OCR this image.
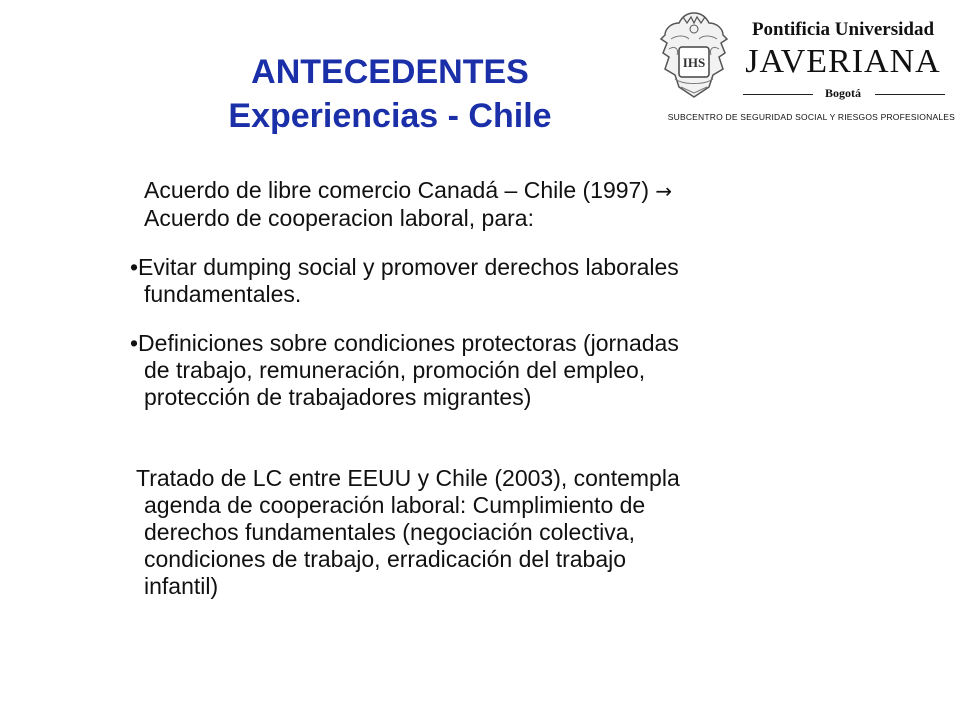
ANTECEDENTES
Experiencias - Chile
IHS
Pontificia Universidad
JAVERIANA
Bogotá
SUBCENTRO DE SEGURIDAD SOCIAL Y RIESGOS PROFESIONALES
Acuerdo de libre comercio Canadá – Chile (1997) →
Acuerdo de cooperacion laboral, para:
•Evitar dumping social y promover derechos laborales
fundamentales.
•Definiciones sobre condiciones protectoras (jornadas
de trabajo, remuneración, promoción del empleo,
protección de trabajadores migrantes)
Tratado de LC entre EEUU y Chile (2003), contempla
agenda de cooperación laboral: Cumplimiento de
derechos fundamentales (negociación colectiva,
condiciones de trabajo, erradicación del trabajo
infantil)
